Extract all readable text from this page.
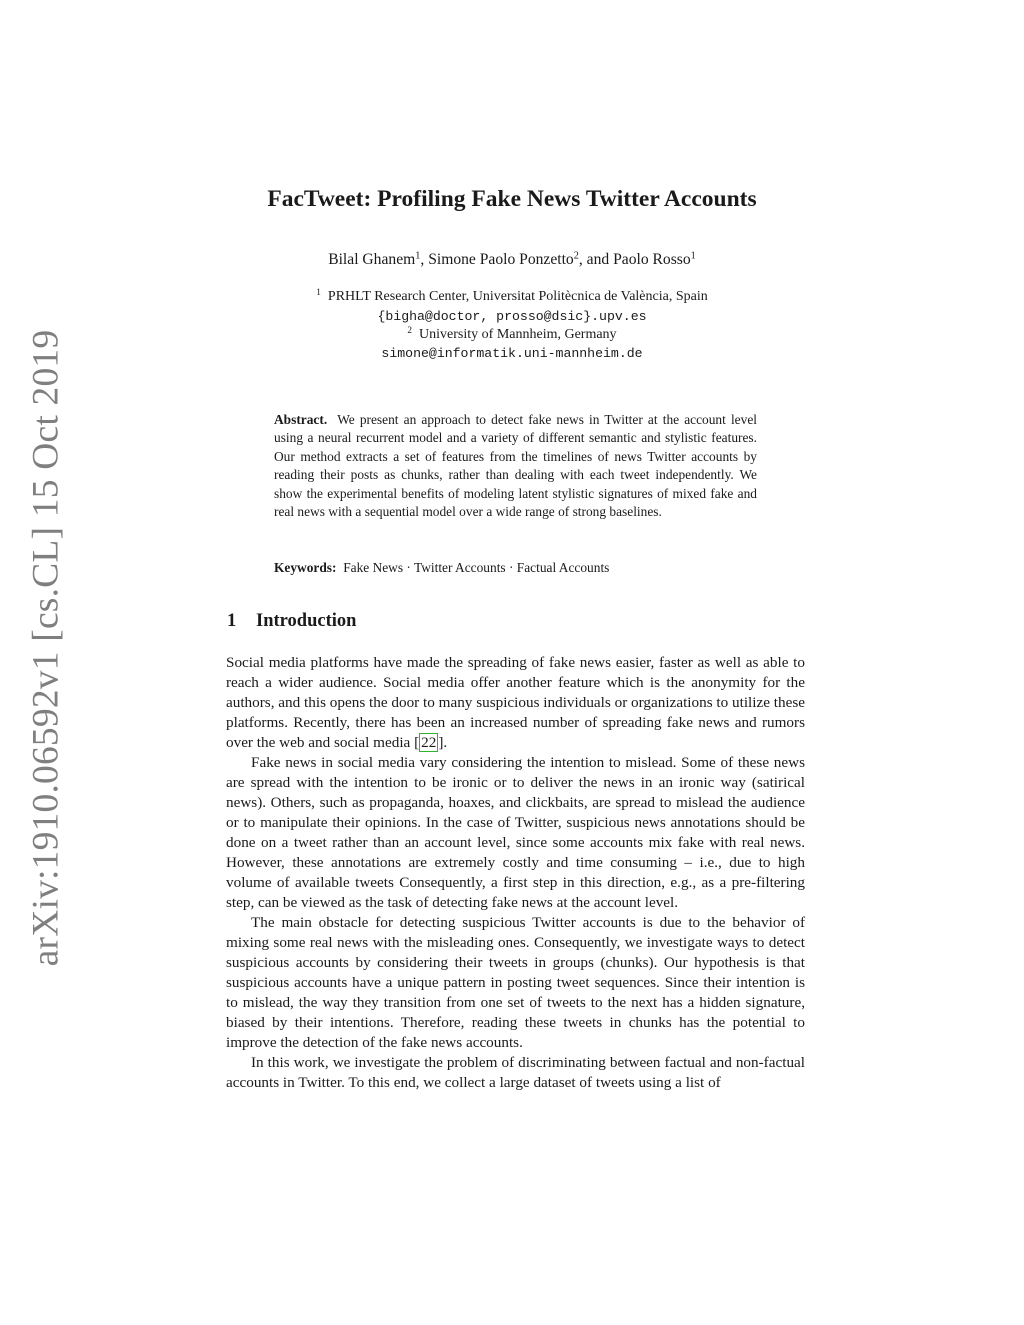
arXiv:1910.06592v1 [cs.CL] 15 Oct 2019
FacTweet: Profiling Fake News Twitter Accounts
Bilal Ghanem$^1$, Simone Paolo Ponzetto$^2$, and Paolo Rosso$^1$
$^1$ PRHLT Research Center, Universitat Politècnica de València, Spain
{bigha@doctor, prosso@dsic}.upv.es
$^2$ University of Mannheim, Germany
simone@informatik.uni-mannheim.de

Abstract. We present an approach to detect fake news in Twitter at the account level using a neural recurrent model and a variety of different semantic and stylistic features. Our method extracts a set of features from the timelines of news Twitter accounts by reading their posts as chunks, rather than dealing with each tweet independently. We show the experimental benefits of modeling latent stylistic signatures of mixed fake and real news with a sequential model over a wide range of strong baselines.

Keywords: Fake News · Twitter Accounts · Factual Accounts

1 Introduction

Social media platforms have made the spreading of fake news easier, faster as well as able to reach a wider audience. Social media offer another feature which is the anonymity for the authors, and this opens the door to many suspicious individuals or organizations to utilize these platforms. Recently, there has been an increased number of spreading fake news and rumors over the web and social media [ 22 ].

Fake news in social media vary considering the intention to mislead. Some of these news are spread with the intention to be ironic or to deliver the news in an ironic way (satirical news). Others, such as propaganda, hoaxes, and clickbaits, are spread to mislead the audience or to manipulate their opinions. In the case of Twitter, suspicious news annotations should be done on a tweet rather than an account level, since some accounts mix fake with real news. However, these annotations are extremely costly and time consuming – i.e., due to high volume of available tweets Consequently, a first step in this direction, e.g., as a pre-filtering step, can be viewed as the task of detecting fake news at the account level.

The main obstacle for detecting suspicious Twitter accounts is due to the behavior of mixing some real news with the misleading ones. Consequently, we investigate ways to detect suspicious accounts by considering their tweets in groups (chunks). Our hypothesis is that suspicious accounts have a unique pattern in posting tweet sequences. Since their intention is to mislead, the way they transition from one set of tweets to the next has a hidden signature, biased by their intentions. Therefore, reading these tweets in chunks has the potential to improve the detection of the fake news accounts.

In this work, we investigate the problem of discriminating between factual and non-factual accounts in Twitter. To this end, we collect a large dataset of tweets using a list of
